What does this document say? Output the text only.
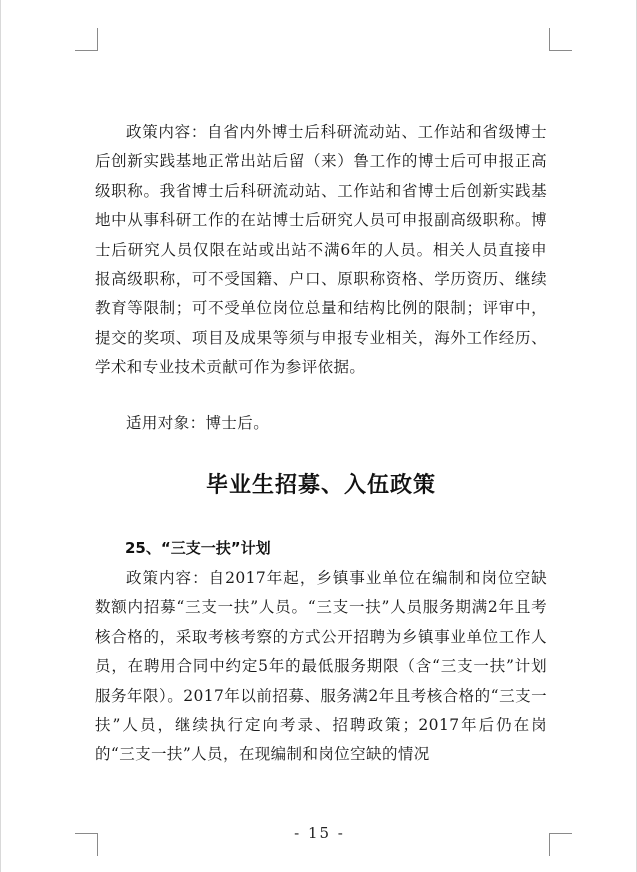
政策内容：自省内外博士后科研流动站、工作站和省级博士后创新实践基地正常出站后留（来）鲁工作的博士后可申报正高级职称。我省博士后科研流动站、工作站和省博士后创新实践基地中从事科研工作的在站博士后研究人员可申报副高级职称。博士后研究人员仅限在站或出站不满6年的人员。相关人员直接申报高级职称，可不受国籍、户口、原职称资格、学历资历、继续教育等限制；可不受单位岗位总量和结构比例的限制；评审中，提交的奖项、项目及成果等须与申报专业相关，海外工作经历、学术和专业技术贡献可作为参评依据。

适用对象：博士后。

毕业生招募、入伍政策
25、“三支一扶”计划

政策内容：自2017年起，乡镇事业单位在编制和岗位空缺数额内招募“三支一扶”人员。“三支一扶”人员服务期满2年且考核合格的，采取考核考察的方式公开招聘为乡镇事业单位工作人员，在聘用合同中约定5年的最低服务期限（含“三支一扶”计划服务年限）。2017年以前招募、服务满2年且考核合格的“三支一扶”人员，继续执行定向考录、招聘政策；2017年后仍在岗的“三支一扶”人员，在现编制和岗位空缺的情况

- 15 -
